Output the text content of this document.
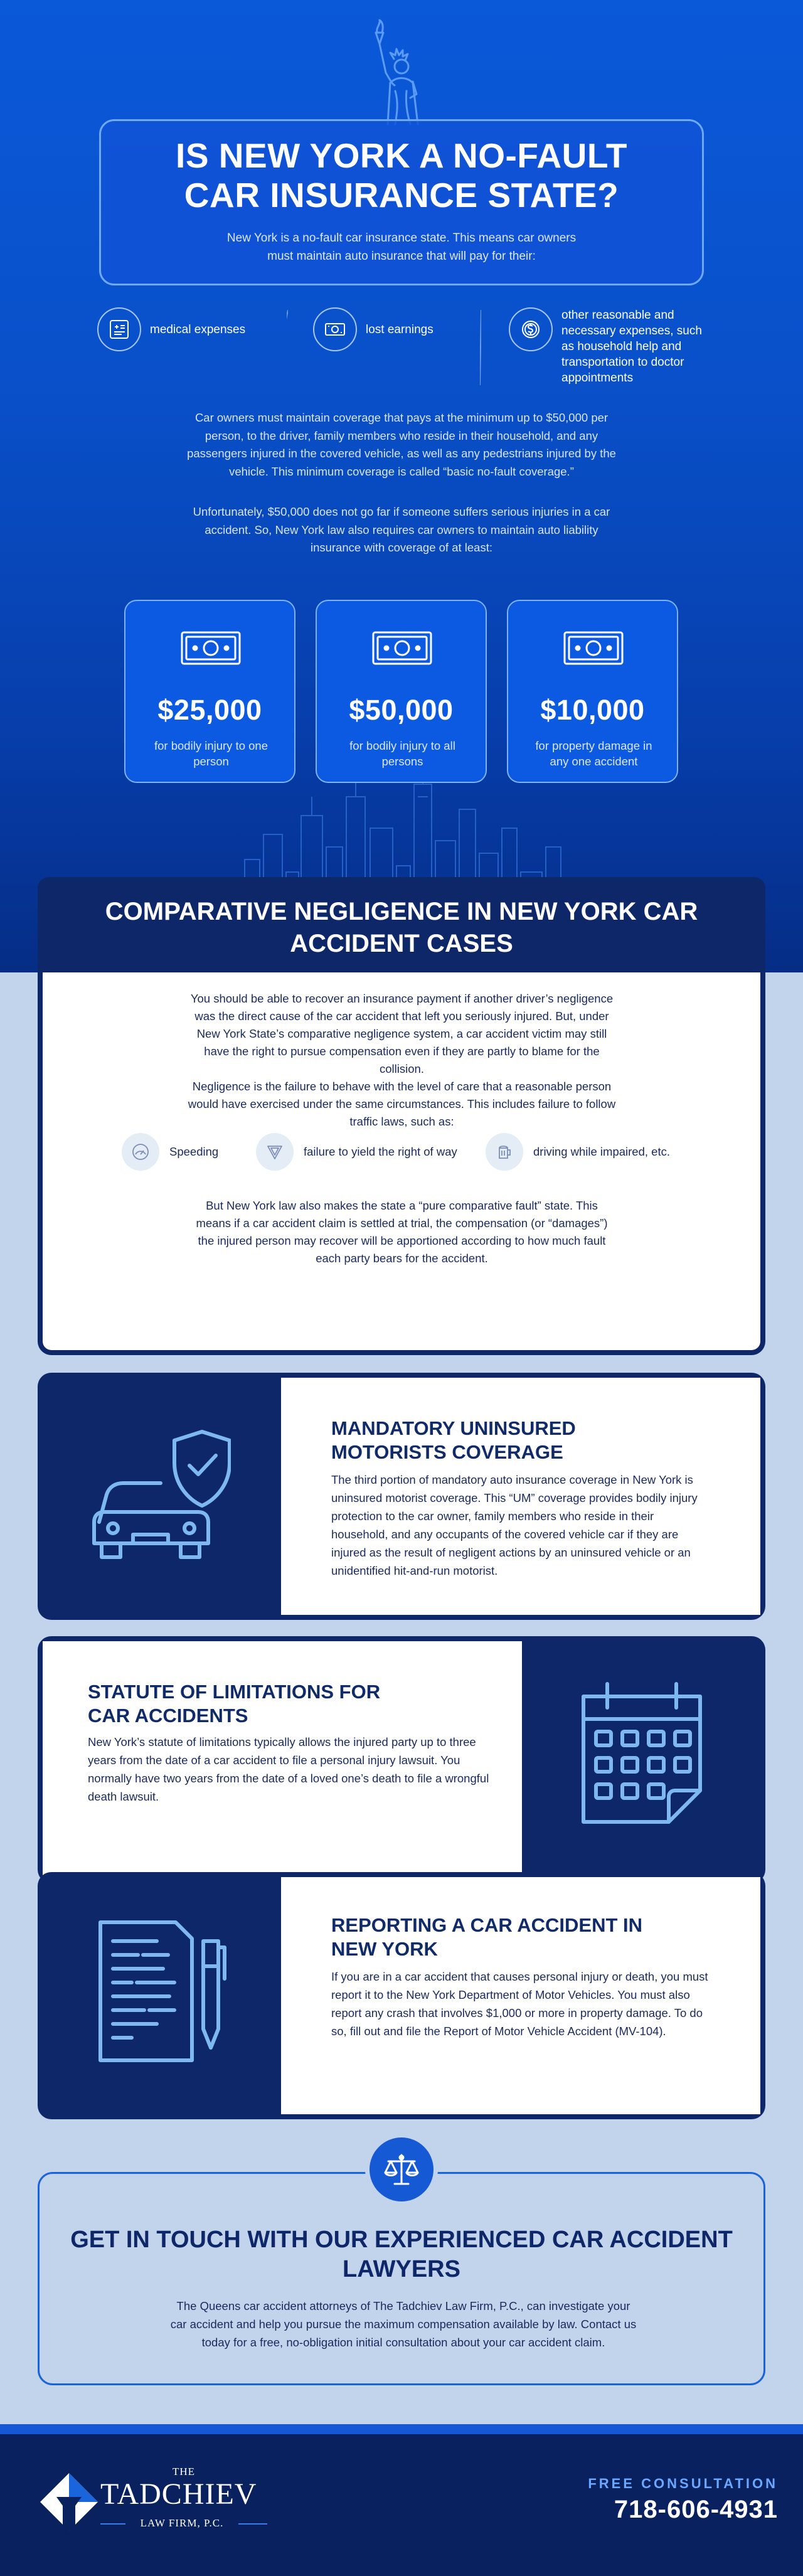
IS NEW YORK A NO-FAULT CAR INSURANCE STATE?

New York is a no-fault car insurance state. This means car owners must maintain auto insurance that will pay for their:

medical expenses	lost earnings
other reasonable and necessary expenses, such as household help and transportation to doctor appointments

Car owners must maintain coverage that pays at the minimum up to $50,000 per person, to the driver, family members who reside in their household, and any passengers injured in the covered vehicle, as well as any pedestrians injured by the vehicle. This minimum coverage is called “basic no-fault coverage.”

Unfortunately, $50,000 does not go far if someone suffers serious injuries in a car accident. So, New York law also requires car owners to maintain auto liability insurance with coverage of at least:

$25,000
for bodily injury to one person
$50,000
for bodily injury to all persons
$10,000
for property damage in any one accident
COMPARATIVE NEGLIGENCE IN NEW YORK CAR ACCIDENT CASES

You should be able to recover an insurance payment if another driver’s negligence was the direct cause of the car accident that left you seriously injured. But, under New York State’s comparative negligence system, a car accident victim may still have the right to pursue compensation even if they are partly to blame for the collision.

Negligence is the failure to behave with the level of care that a reasonable person would have exercised under the same circumstances. This includes failure to follow traffic laws, such as:

Speeding	failure to yield the right of way	driving while impaired, etc.

But New York law also makes the state a “pure comparative fault” state. This means if a car accident claim is settled at trial, the compensation (or “damages”) the injured person may recover will be apportioned according to how much fault each party bears for the accident.

MANDATORY UNINSURED MOTORISTS COVERAGE

The third portion of mandatory auto insurance coverage in New York is uninsured motorist coverage. This “UM” coverage provides bodily injury protection to the car owner, family members who reside in their household, and any occupants of the covered vehicle car if they are injured as the result of negligent actions by an uninsured vehicle or an unidentified hit-and-run motorist.

STATUTE OF LIMITATIONS FOR CAR ACCIDENTS

New York’s statute of limitations typically allows the injured party up to three years from the date of a car accident to file a personal injury lawsuit. You normally have two years from the date of a loved one’s death to file a wrongful death lawsuit.

REPORTING A CAR ACCIDENT IN NEW YORK

If you are in a car accident that causes personal injury or death, you must report it to the New York Department of Motor Vehicles. You must also report any crash that involves $1,000 or more in property damage. To do so, fill out and file the Report of Motor Vehicle Accident (MV-104).

GET IN TOUCH WITH OUR EXPERIENCED CAR ACCIDENT LAWYERS

The Queens car accident attorneys of The Tadchiev Law Firm, P.C., can investigate your car accident and help you pursue the maximum compensation available by law. Contact us today for a free, no-obligation initial consultation about your car accident claim.

THE
TADCHIEV
LAW FIRM, P.C.
FREE CONSULTATION
718-606-4931
